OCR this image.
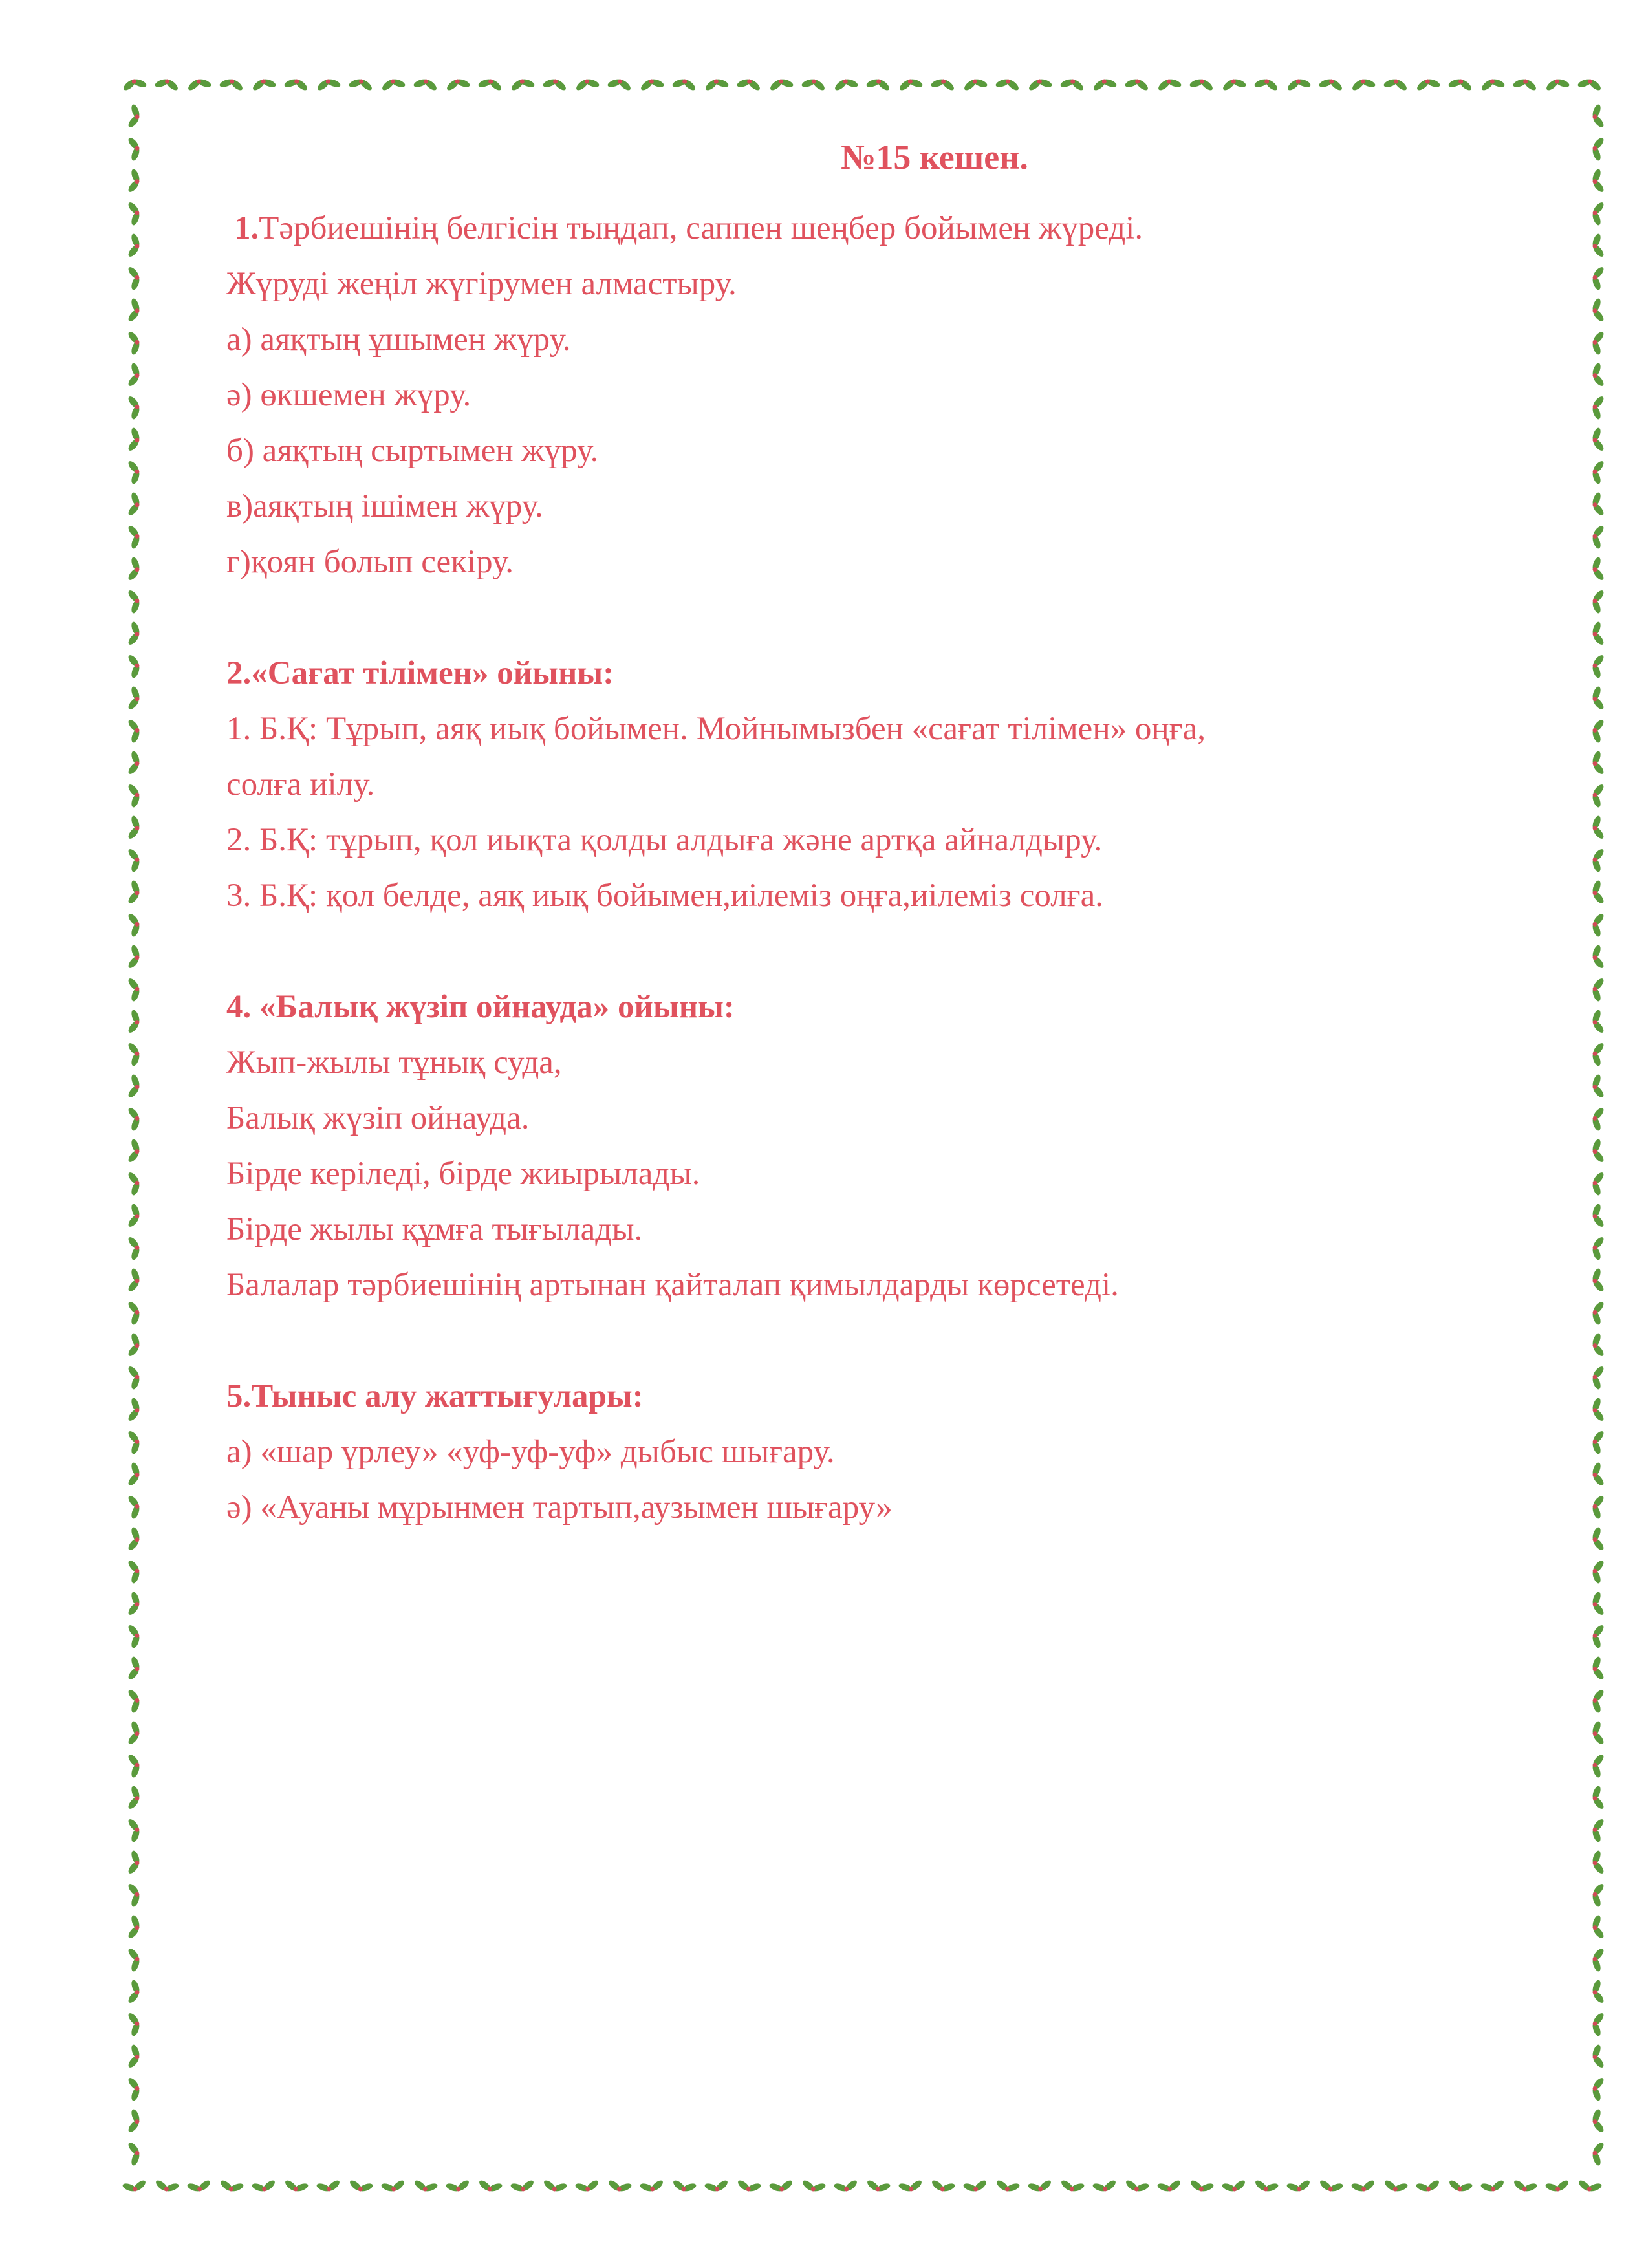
№15 кешен.
1.Тәрбиешінің белгісін тыңдап, саппен шеңбер бойымен жүреді.
Жүруді жеңіл жүгірумен алмастыру.
а) аяқтың ұшымен жүру.
ә) өкшемен жүру.
б) аяқтың сыртымен жүру.
в)аяқтың ішімен жүру.
г)қоян болып секіру.
2.«Сағат тілімен» ойыны:
1. Б.Қ: Тұрып, аяқ иық бойымен. Мойнымызбен «сағат тілімен» оңға,
солға иілу.
2. Б.Қ: тұрып, қол иықта қолды алдыға және артқа айналдыру.
3. Б.Қ: қол белде, аяқ иық бойымен,иілеміз оңға,иілеміз солға.
4. «Балық жүзіп ойнауда» ойыны:
Жып-жылы тұнық суда,
Балық жүзіп ойнауда.
Бірде керіледі, бірде жиырылады.
Бірде жылы құмға тығылады.
Балалар тәрбиешінің артынан қайталап қимылдарды көрсетеді.
5.Тыныс алу жаттығулары:
а) «шар үрлеу» «уф-уф-уф» дыбыс шығару.
ә) «Ауаны мұрынмен тартып,аузымен шығару»
